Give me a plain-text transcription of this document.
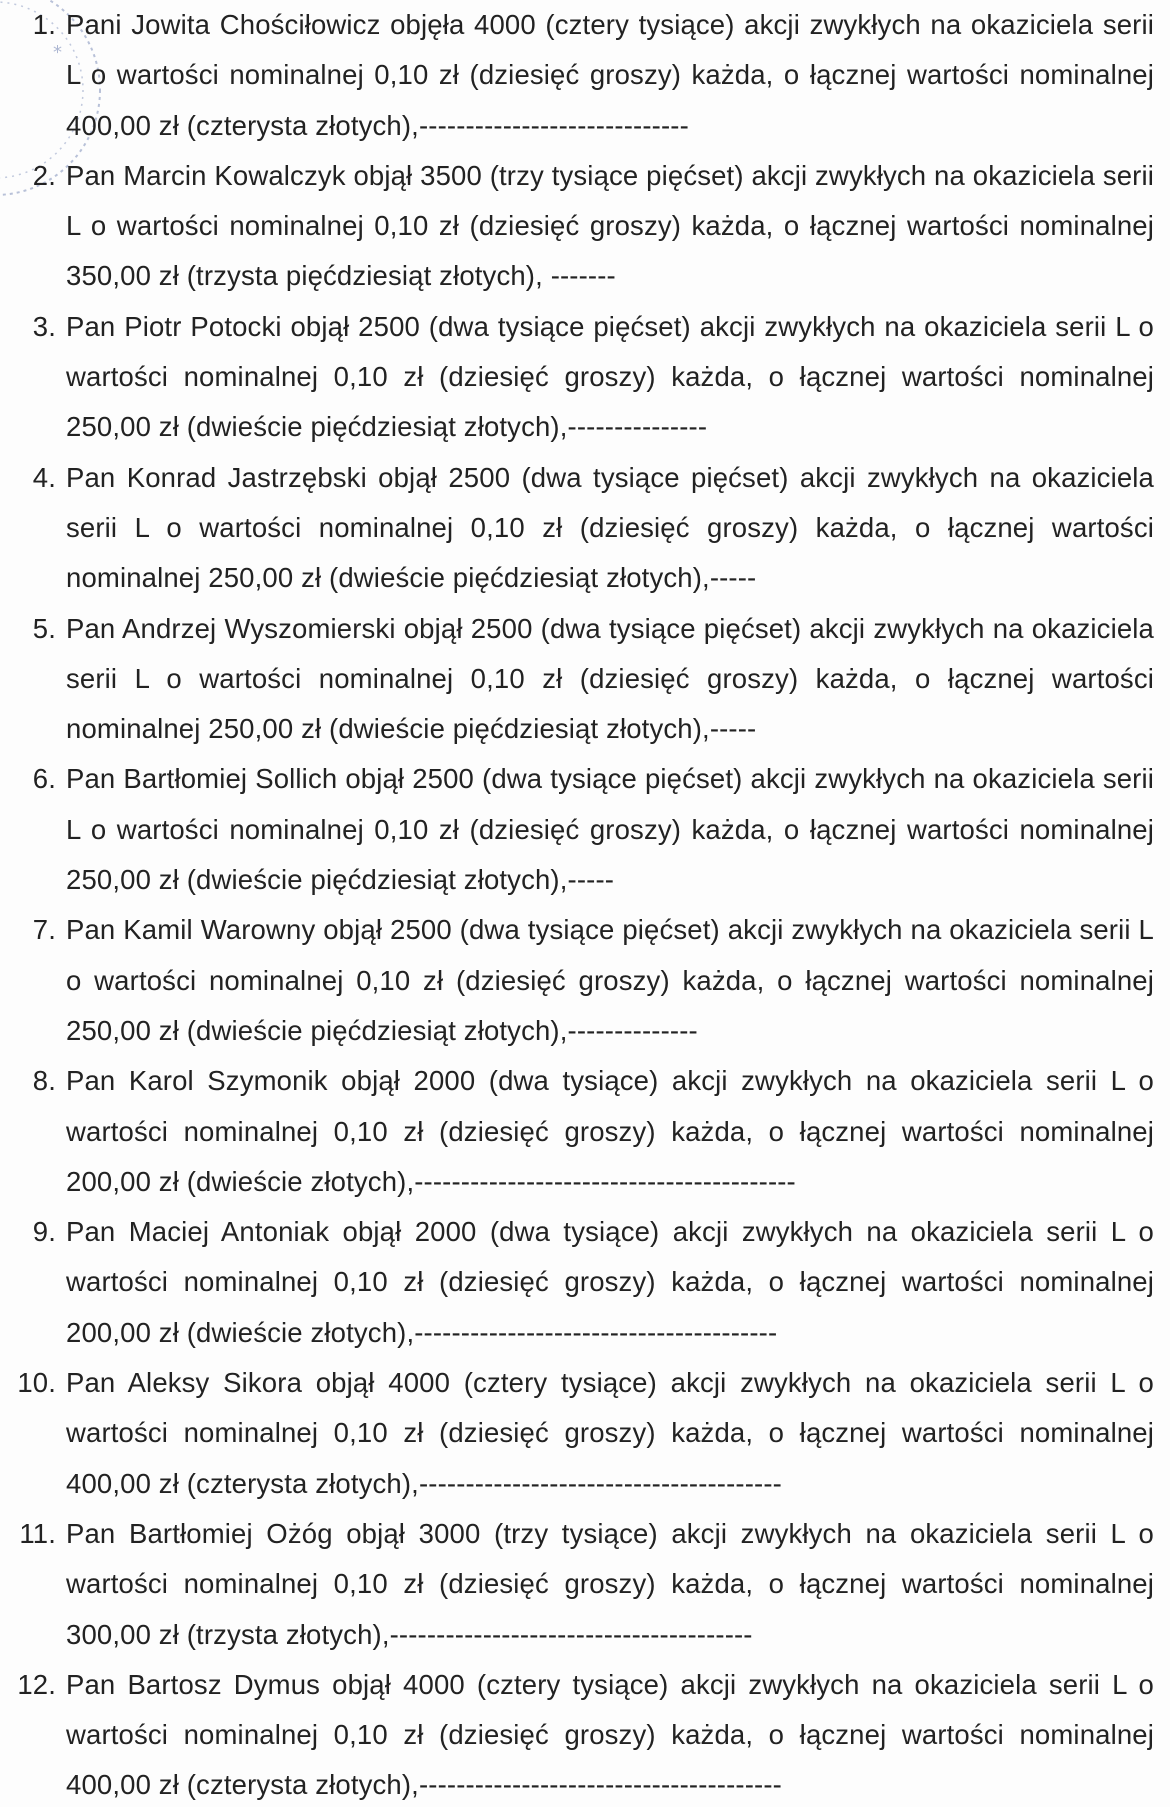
*
1. Pani Jowita Chościłowicz objęła 4000 (cztery tysiące) akcji zwykłych na okaziciela serii L o wartości nominalnej 0,10 zł (dziesięć groszy) każda, o łącznej wartości nominalnej 400,00 zł (czterysta złotych),-----------------------------
2. Pan Marcin Kowalczyk objął 3500 (trzy tysiące pięćset) akcji zwykłych na okaziciela serii L o wartości nominalnej 0,10 zł (dziesięć groszy) każda, o łącznej wartości nominalnej 350,00 zł (trzysta pięćdziesiąt złotych), -------
3. Pan Piotr Potocki objął 2500 (dwa tysiące pięćset) akcji zwykłych na okaziciela serii L o wartości nominalnej 0,10 zł (dziesięć groszy) każda, o łącznej wartości nominalnej 250,00 zł (dwieście pięćdziesiąt złotych),---------------
4. Pan Konrad Jastrzębski objął 2500 (dwa tysiące pięćset) akcji zwykłych na okaziciela serii L o wartości nominalnej 0,10 zł (dziesięć groszy) każda, o łącznej wartości nominalnej 250,00 zł (dwieście pięćdziesiąt złotych),-----
5. Pan Andrzej Wyszomierski objął 2500 (dwa tysiące pięćset) akcji zwykłych na okaziciela serii L o wartości nominalnej 0,10 zł (dziesięć groszy) każda, o łącznej wartości nominalnej 250,00 zł (dwieście pięćdziesiąt złotych),-----
6. Pan Bartłomiej Sollich objął 2500 (dwa tysiące pięćset) akcji zwykłych na okaziciela serii L o wartości nominalnej 0,10 zł (dziesięć groszy) każda, o łącznej wartości nominalnej 250,00 zł (dwieście pięćdziesiąt złotych),-----
7. Pan Kamil Warowny objął 2500 (dwa tysiące pięćset) akcji zwykłych na okaziciela serii L o wartości nominalnej 0,10 zł (dziesięć groszy) każda, o łącznej wartości nominalnej 250,00 zł (dwieście pięćdziesiąt złotych),--------------
8. Pan Karol Szymonik objął 2000 (dwa tysiące) akcji zwykłych na okaziciela serii L o wartości nominalnej 0,10 zł (dziesięć groszy) każda, o łącznej wartości nominalnej 200,00 zł (dwieście złotych),-----------------------------------------
9. Pan Maciej Antoniak objął 2000 (dwa tysiące) akcji zwykłych na okaziciela serii L o wartości nominalnej 0,10 zł (dziesięć groszy) każda, o łącznej wartości nominalnej 200,00 zł (dwieście złotych),---------------------------------------
10. Pan Aleksy Sikora objął 4000 (cztery tysiące) akcji zwykłych na okaziciela serii L o wartości nominalnej 0,10 zł (dziesięć groszy) każda, o łącznej wartości nominalnej 400,00 zł (czterysta złotych),---------------------------------------
11. Pan Bartłomiej Ożóg objął 3000 (trzy tysiące) akcji zwykłych na okaziciela serii L o wartości nominalnej 0,10 zł (dziesięć groszy) każda, o łącznej wartości nominalnej 300,00 zł (trzysta złotych),---------------------------------------
12. Pan Bartosz Dymus objął 4000 (cztery tysiące) akcji zwykłych na okaziciela serii L o wartości nominalnej 0,10 zł (dziesięć groszy) każda, o łącznej wartości nominalnej 400,00 zł (czterysta złotych),---------------------------------------
